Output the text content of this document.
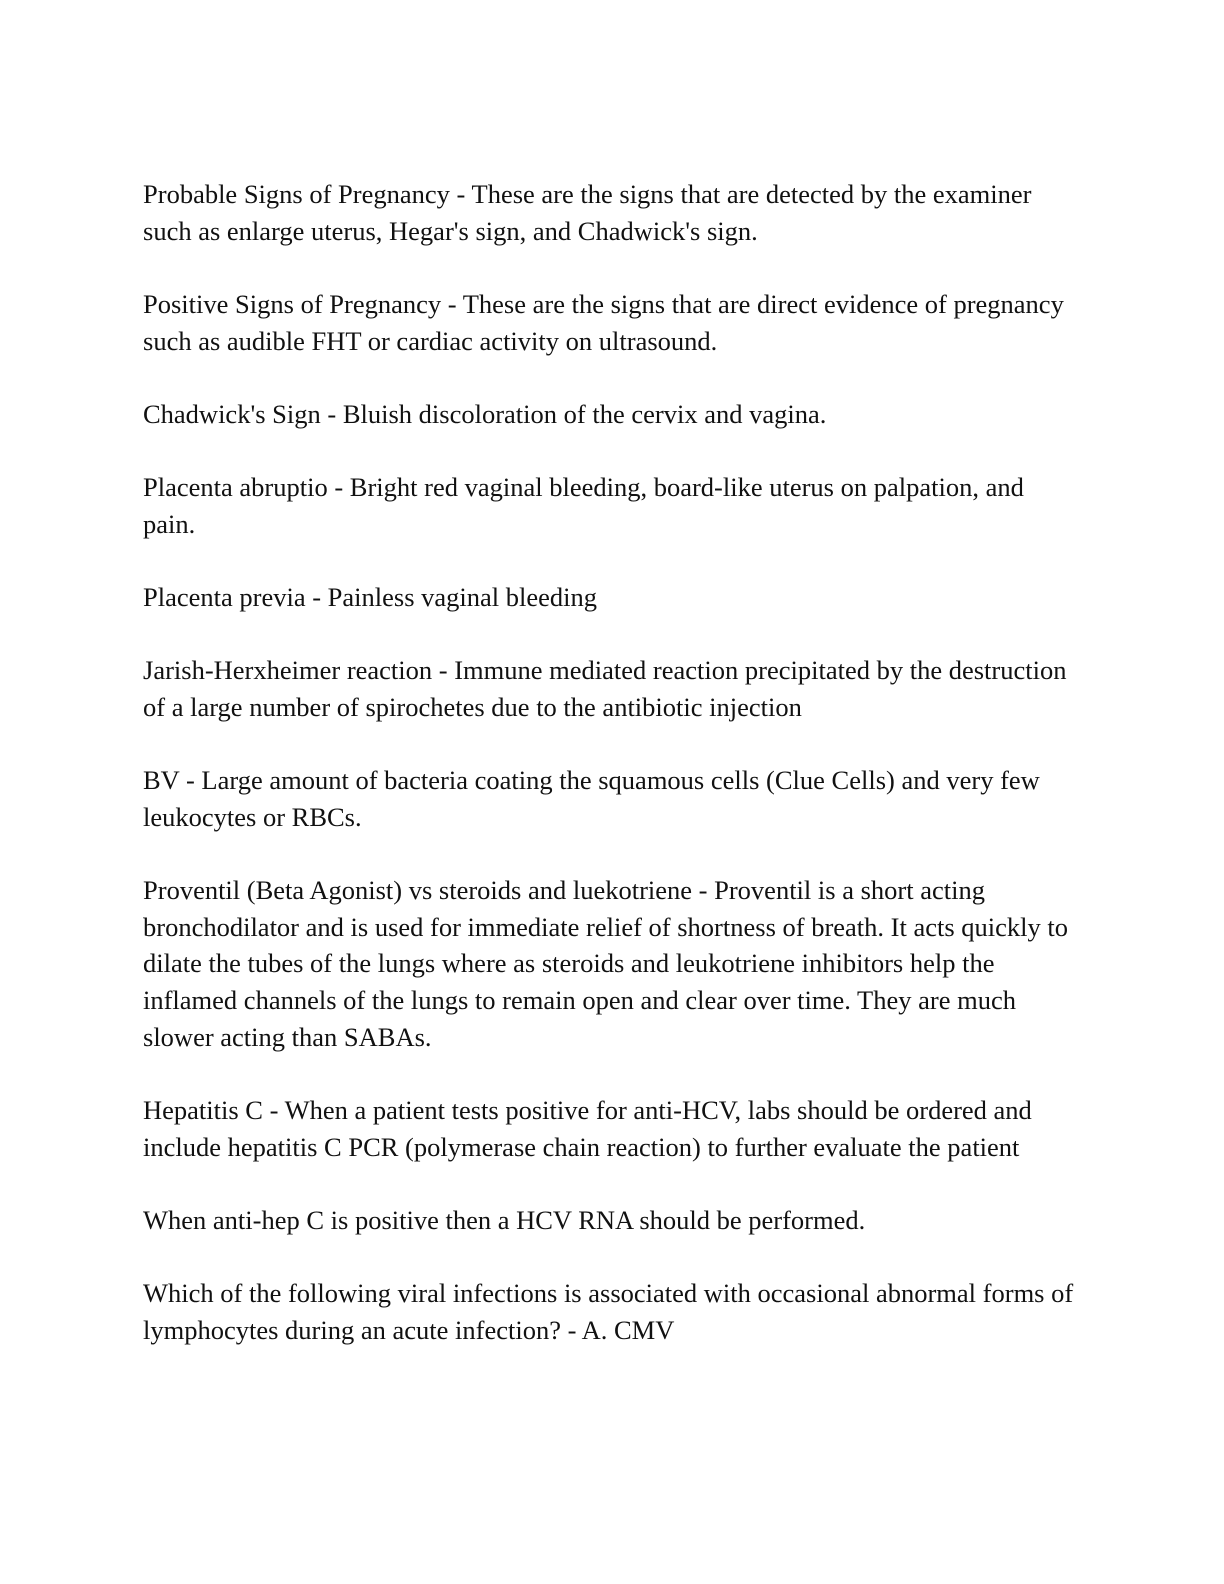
Probable Signs of Pregnancy - These are the signs that are detected by the examiner such as enlarge uterus, Hegar's sign, and Chadwick's sign.

Positive Signs of Pregnancy - These are the signs that are direct evidence of pregnancy such as audible FHT or cardiac activity on ultrasound.

Chadwick's Sign - Bluish discoloration of the cervix and vagina.

Placenta abruptio - Bright red vaginal bleeding, board-like uterus on palpation, and pain.

Placenta previa - Painless vaginal bleeding

Jarish-Herxheimer reaction - Immune mediated reaction precipitated by the destruction of a large number of spirochetes due to the antibiotic injection

BV - Large amount of bacteria coating the squamous cells (Clue Cells) and very few leukocytes or RBCs.

Proventil (Beta Agonist) vs steroids and luekotriene - Proventil is a short acting bronchodilator and is used for immediate relief of shortness of breath. It acts quickly to dilate the tubes of the lungs where as steroids and leukotriene inhibitors help the inflamed channels of the lungs to remain open and clear over time. They are much slower acting than SABAs.

Hepatitis C - When a patient tests positive for anti-HCV, labs should be ordered and include hepatitis C PCR (polymerase chain reaction) to further evaluate the patient

When anti-hep C is positive then a HCV RNA should be performed.

Which of the following viral infections is associated with occasional abnormal forms of lymphocytes during an acute infection? - A. CMV
